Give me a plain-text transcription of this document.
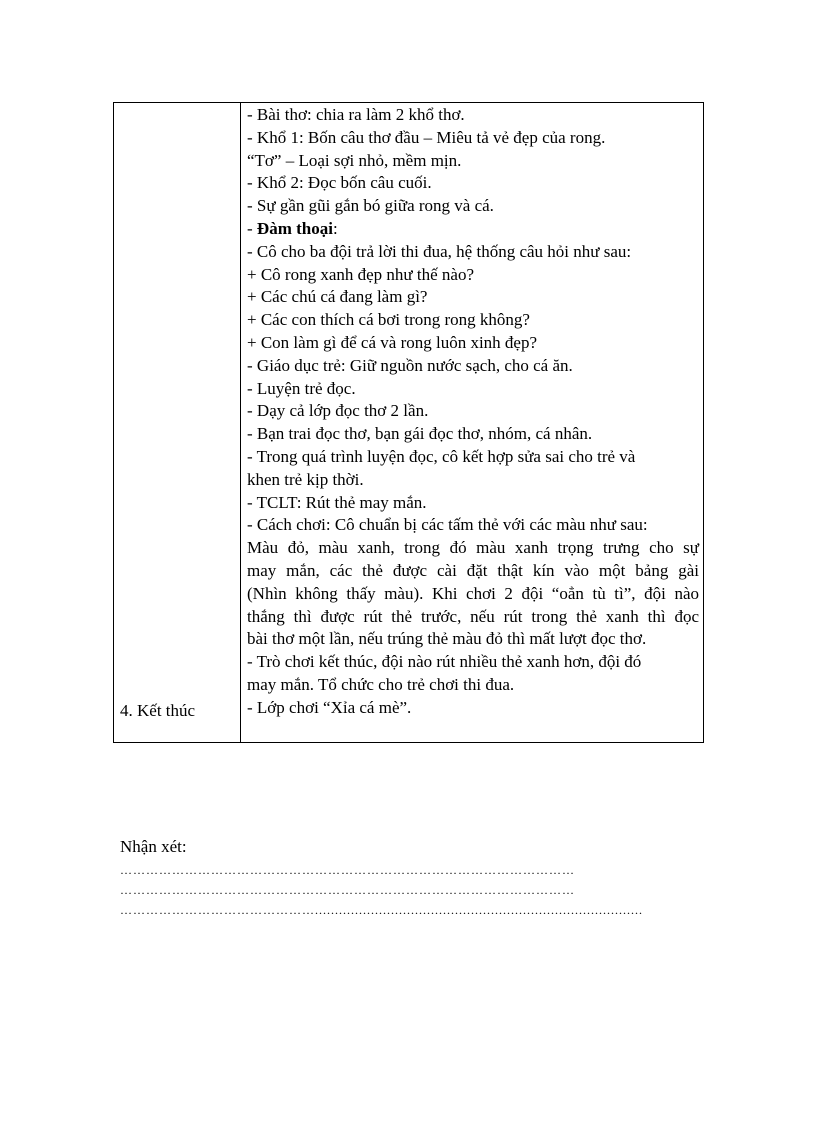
4. Kết thúc
- Bài thơ: chia ra làm 2 khổ thơ.
- Khổ 1: Bốn câu thơ đầu – Miêu tả vẻ đẹp của rong.
“Tơ” – Loại sợi nhỏ, mềm mịn.
- Khổ 2: Đọc bốn câu cuối.
- Sự gần gũi gắn bó giữa rong và cá.
- Đàm thoại:
- Cô cho ba đội trả lời thi đua, hệ thống câu hỏi như sau:
+ Cô rong xanh đẹp như thế nào?
+ Các chú cá đang làm gì?
+ Các con thích cá bơi trong rong không?
+ Con làm gì để cá và rong luôn xinh đẹp?
- Giáo dục trẻ: Giữ nguồn nước sạch, cho cá ăn.
- Luyện trẻ đọc.
- Dạy cả lớp đọc thơ 2 lần.
- Bạn trai đọc thơ, bạn gái đọc thơ, nhóm, cá nhân.
- Trong quá trình luyện đọc, cô kết hợp sửa sai cho trẻ và
khen trẻ kịp thời.
- TCLT: Rút thẻ may mắn.
- Cách chơi: Cô chuẩn bị các tấm thẻ với các màu như sau:
Màu đỏ, màu xanh, trong đó màu xanh trọng trưng cho sự
may mắn, các thẻ được cài đặt thật kín vào một bảng gài
(Nhìn không thấy màu). Khi chơi 2 đội “oẳn tù tì”, đội nào
thắng thì được rút thẻ trước, nếu rút trong thẻ xanh thì đọc
bài thơ một lần, nếu trúng thẻ màu đỏ thì mất lượt đọc thơ.
- Trò chơi kết thúc, đội nào rút nhiều thẻ xanh hơn, đội đó
may mắn. Tổ chức cho trẻ chơi thi đua.
- Lớp chơi “Xỉa cá mè”.
Nhận xét:
……………………………………………………………………………………………
……………………………………………………………………………………………
………………………………………..................................................................................
